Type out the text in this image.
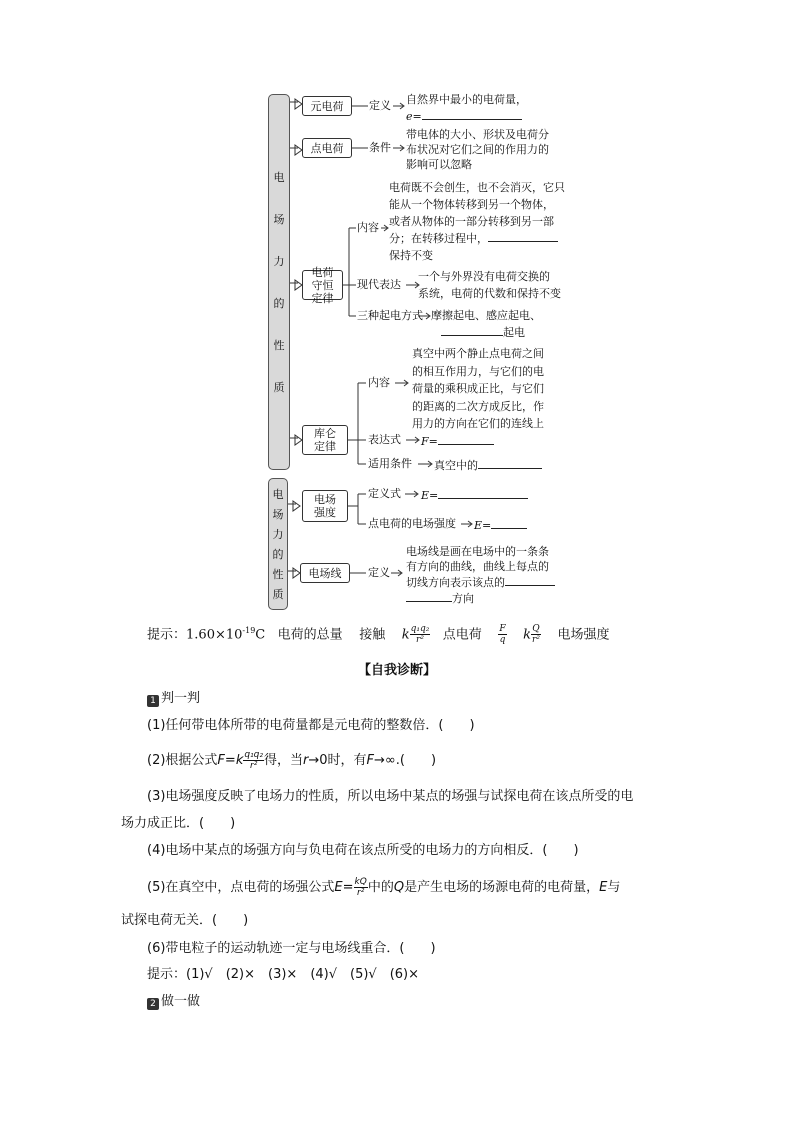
电
场
力
的
性
质
电
场
力
的
性
质
元电荷
点电荷
电荷守恒定律
库仑定律
电场强度
电场线
定义 自然界中最小的电荷量，
e=
条件
带电体的大小、形状及电荷分
布状况对它们之间的作用力的
影响可以忽略
内容
电荷既不会创生，也不会消灭，它只
能从一个物体转移到另一个物体，
或者从物体的一部分转移到另一部
分；在转移过程中，
保持不变
现代表达
一个与外界没有电荷交换的
系统，电荷的代数和保持不变
三种起电方式 摩擦起电、感应起电、
起电
内容
真空中两个静止点电荷之间
的相互作用力，与它们的电
荷量的乘积成正比，与它们
的距离的二次方成反比，作
用力的方向在它们的连线上
表达式 F=
适用条件 真空中的
定义式 E=
点电荷的电场强度 E=
定义
电场线是画在电场中的一条条
有方向的曲线，曲线上每点的
切线方向表示该点的
方向
提示：$1.60\times 10^{-19}C$ 电荷的总量 接触 k $\frac{\text{q₁q₂}}{\text{r²}}$ 点电荷 $\frac{F}{q}$ k $\frac{Q}{\text{r²}}$ 电场强度
【自我诊断】
1 判一判
(1)任何带电体所带的电荷量都是元电荷的整数倍．(　　)
(2)根据公式$F=k \frac{\text{q₁q₂}}{\text{r²}}$ 得，当r→0时，有F→∞.(　　)
(3)电场强度反映了电场力的性质，所以电场中某点的场强与试探电荷在该点所受的电
场力成正比．(　　)
(4)电场中某点的场强方向与负电荷在该点所受的电场力的方向相反．(　　)
(5)在真空中，点电荷的场强公式$E= \frac{kQ}{\text{r²}}$ 中的Q是产生电场的场源电荷的电荷量，E与
试探电荷无关．(　　)
(6)带电粒子的运动轨迹一定与电场线重合．(　　)
提示：(1)√　(2)×　(3)×　(4)√　(5)√　(6)×
2 做一做
